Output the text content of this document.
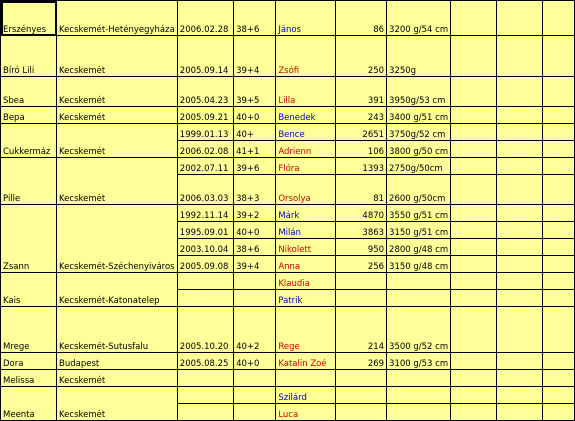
Erszényes	Kecskemét-Hetényegyháza	2006.02.28	38+6	János	86	3200 g/54 cm			
Bíró Lili	Kecskemét	2005.09.14	39+4	Zsófi	250	3250g			
Sbea	Kecskemét	2005.04.23	39+5	Lilla	391	3950g/53 cm			
Bepa	Kecskemét	2005.09.21	40+0	Benedek	243	3400 g/51 cm			
Cukkermáz	Kecskemét	1999.01.13	40+	Bence	2651	3750g/52 cm			
		2006.02.08	41+1	Adrienn	106	3800 g/50 cm			
Pille	Kecskemét	2002.07.11	39+6	Flóra	1393	2750g/50cm			
		2006.03.03	38+3	Orsolya	81	2600 g/50cm			
Zsann	Kecskemét-Széchenyiváros	1992.11.14	39+2	Márk	4870	3550 g/51 cm			
		1995.09.01	40+0	Milán	3863	3150 g/51 cm			
		2003.10.04	38+6	Nikolett	950	2800 g/48 cm			
		2005.09.08	39+4	Anna	256	3150 g/48 cm			
Kais	Kecskemét-Katonatelep			Klaudia					
				Patrik					
Mrege	Kecskemét-Sutusfalu	2005.10.20	40+2	Rege	214	3500 g/52 cm			
Dora	Budapest	2005.08.25	40+0	Katalin Zoé	269	3100 g/53 cm			
Melissa	Kecskemét								
Meenta	Kecskemét			Szilárd					
				Luca					
